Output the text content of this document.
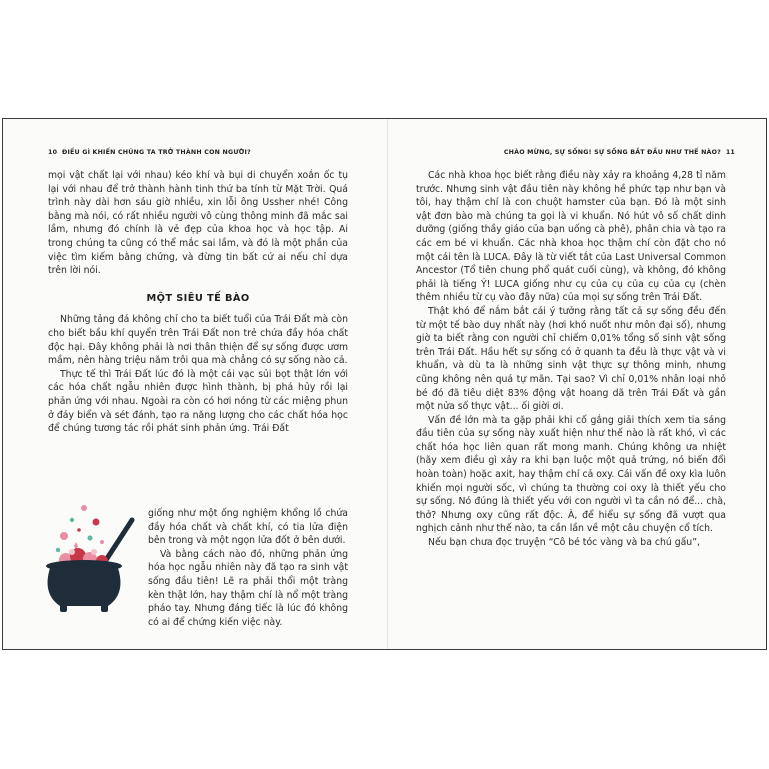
10 ĐIỀU GÌ KHIẾN CHÚNG TA TRỞ THÀNH CON NGƯỜI?

mọi vật chất lại với nhau) kéo khí và bụi di chuyển xoắn ốc tụ lại với nhau để trở thành hành tinh thứ ba tính từ Mặt Trời. Quá trình này dài hơn sáu giờ nhiều, xin lỗi ông Ussher nhé! Công bằng mà nói, có rất nhiều người vô cùng thông minh đã mắc sai lầm, nhưng đó chính là vẻ đẹp của khoa học và học tập. Ai trong chúng ta cũng có thể mắc sai lầm, và đó là một phần của việc tìm kiếm bằng chứng, và đừng tin bất cứ ai nếu chỉ dựa trên lời nói.

MỘT SIÊU TẾ BÀO

Những tảng đá không chỉ cho ta biết tuổi của Trái Đất mà còn cho biết bầu khí quyển trên Trái Đất non trẻ chứa đầy hóa chất độc hại. Đây không phải là nơi thân thiện để sự sống được ươm mầm, nên hàng triệu năm trôi qua mà chẳng có sự sống nào cả.

Thực tế thì Trái Đất lúc đó là một cái vạc sủi bọt thật lớn với các hóa chất ngẫu nhiên được hình thành, bị phá hủy rồi lại phản ứng với nhau. Ngoài ra còn có hơi nóng từ các miệng phun ở đáy biển và sét đánh, tạo ra năng lượng cho các chất hóa học để chúng tương tác rồi phát sinh phản ứng. Trái Đất

giống như một ống nghiệm khổng lồ chứa đầy hóa chất và chất khí, có tia lửa điện bên trong và một ngọn lửa đốt ở bên dưới.

Và bằng cách nào đó, những phản ứng hóa học ngẫu nhiên này đã tạo ra sinh vật sống đầu tiên! Lẽ ra phải thổi một tràng kèn thật lớn, hay thậm chí là nổ một tràng pháo tay. Nhưng đáng tiếc là lúc đó không có ai để chứng kiến việc này.

CHÀO MỪNG, SỰ SỐNG! SỰ SỐNG BẮT ĐẦU NHƯ THẾ NÀO? 11

Các nhà khoa học biết rằng điều này xảy ra khoảng 4,28 tỉ năm trước. Nhưng sinh vật đầu tiên này không hề phức tạp như bạn và tôi, hay thậm chí là con chuột hamster của bạn. Đó là một sinh vật đơn bào mà chúng ta gọi là vi khuẩn. Nó hút vô số chất dinh dưỡng (giống thầy giáo của bạn uống cà phê), phân chia và tạo ra các em bé vi khuẩn. Các nhà khoa học thậm chí còn đặt cho nó một cái tên là LUCA. Đây là từ viết tắt của Last Universal Common Ancestor (Tổ tiên chung phổ quát cuối cùng), và không, đó không phải là tiếng Ý! LUCA giống như cụ của cụ của cụ của cụ (chèn thêm nhiều từ cụ vào đây nữa) của mọi sự sống trên Trái Đất.

Thật khó để nắm bắt cái ý tưởng rằng tất cả sự sống đều đến từ một tế bào duy nhất này (hơi khó nuốt như môn đại số), nhưng giờ ta biết rằng con người chỉ chiếm 0,01% tổng số sinh vật sống trên Trái Đất. Hầu hết sự sống có ở quanh ta đều là thực vật và vi khuẩn, và dù ta là những sinh vật thực sự thông minh, nhưng cũng không nên quá tự mãn. Tại sao? Vì chỉ 0,01% nhân loại nhỏ bé đó đã tiêu diệt 83% động vật hoang dã trên Trái Đất và gần một nửa số thực vật... ối giời ơi.

Vấn đề lớn mà ta gặp phải khi cố gắng giải thích xem tia sáng đầu tiên của sự sống này xuất hiện như thế nào là rất khó, vì các chất hóa học liên quan rất mong manh. Chúng không ưa nhiệt (hãy xem điều gì xảy ra khi bạn luộc một quả trứng, nó biến đổi hoàn toàn) hoặc axit, hay thậm chí cả oxy. Cái vấn đề oxy kìa luôn khiến mọi người sốc, vì chúng ta thường coi oxy là thiết yếu cho sự sống. Nó đúng là thiết yếu với con người vì ta cần nó để... chà, thở? Nhưng oxy cũng rất độc. À, để hiểu sự sống đã vượt qua nghịch cảnh như thế nào, ta cần lần về một câu chuyện cổ tích.

Nếu bạn chưa đọc truyện “Cô bé tóc vàng và ba chú gấu”,
